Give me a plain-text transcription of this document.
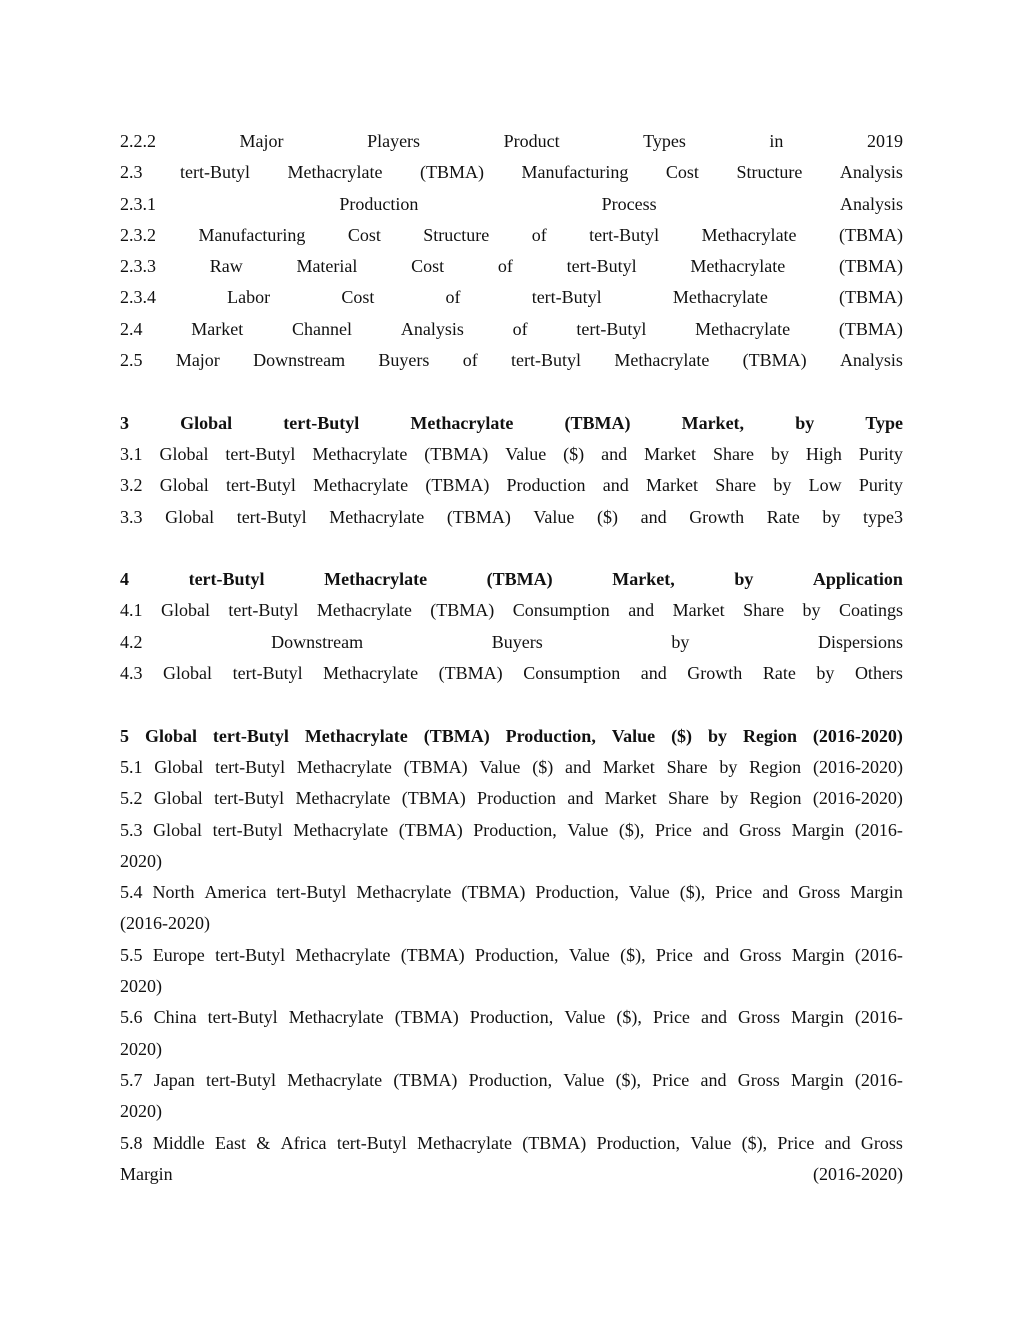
2.2.2	Major	Players	Product	Types	in	2019
2.3 tert-Butyl Methacrylate (TBMA) Manufacturing Cost Structure Analysis
2.3.1	Production	Process	Analysis
2.3.2 Manufacturing Cost Structure of tert-Butyl Methacrylate (TBMA)
2.3.3	Raw	Material	Cost	of	tert-Butyl	Methacrylate	(TBMA)
2.3.4	Labor	Cost	of	tert-Butyl	Methacrylate	(TBMA)
2.4	Market	Channel	Analysis	of	tert-Butyl	Methacrylate	(TBMA)
2.5 Major Downstream Buyers of tert-Butyl Methacrylate (TBMA) Analysis
3	Global	tert-Butyl	Methacrylate	(TBMA)	Market,	by	Type
3.1 Global tert-Butyl Methacrylate (TBMA) Value ($) and Market Share by High Purity
3.2 Global tert-Butyl Methacrylate (TBMA) Production and Market Share by Low Purity
3.3 Global tert-Butyl Methacrylate (TBMA) Value ($) and Growth Rate by type3
4	tert-Butyl	Methacrylate	(TBMA)	Market,	by	Application
4.1 Global tert-Butyl Methacrylate (TBMA) Consumption and Market Share by Coatings
4.2	Downstream	Buyers	by	Dispersions
4.3 Global tert-Butyl Methacrylate (TBMA) Consumption and Growth Rate by Others
5 Global tert-Butyl Methacrylate (TBMA) Production, Value ($) by Region (2016-2020)
5.1 Global tert-Butyl Methacrylate (TBMA) Value ($) and Market Share by Region (2016-2020)
5.2 Global tert-Butyl Methacrylate (TBMA) Production and Market Share by Region (2016-2020)
5.3 Global tert-Butyl Methacrylate (TBMA) Production, Value ($), Price and Gross Margin (2016-
2020)
5.4 North America tert-Butyl Methacrylate (TBMA) Production, Value ($), Price and Gross Margin
(2016-2020)
5.5 Europe tert-Butyl Methacrylate (TBMA) Production, Value ($), Price and Gross Margin (2016-
2020)
5.6 China tert-Butyl Methacrylate (TBMA) Production, Value ($), Price and Gross Margin (2016-
2020)
5.7 Japan tert-Butyl Methacrylate (TBMA) Production, Value ($), Price and Gross Margin (2016-
2020)
5.8 Middle East & Africa tert-Butyl Methacrylate (TBMA) Production, Value ($), Price and Gross
Margin	(2016-2020)
